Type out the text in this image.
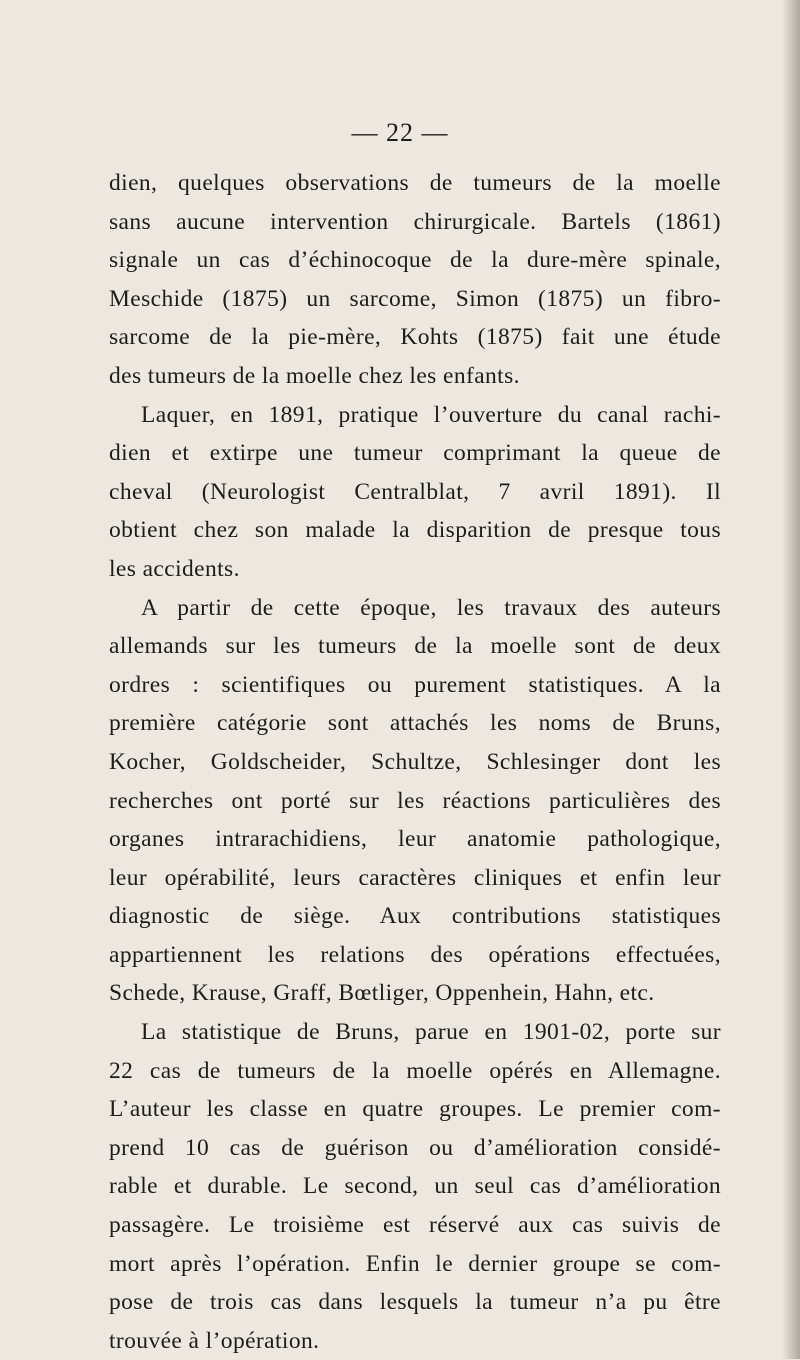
— 22 —
dien, quelques observations de tumeurs de la moelle
sans aucune intervention chirurgicale. Bartels (1861)
signale un cas d’échinocoque de la dure-mère spinale,
Meschide (1875) un sarcome, Simon (1875) un fibro-
sarcome de la pie-mère, Kohts (1875) fait une étude
des tumeurs de la moelle chez les enfants.
Laquer, en 1891, pratique l’ouverture du canal rachi-
dien et extirpe une tumeur comprimant la queue de
cheval (Neurologist Centralblat, 7 avril 1891). Il
obtient chez son malade la disparition de presque tous
les accidents.
A partir de cette époque, les travaux des auteurs
allemands sur les tumeurs de la moelle sont de deux
ordres : scientifiques ou purement statistiques. A la
première catégorie sont attachés les noms de Bruns,
Kocher, Goldscheider, Schultze, Schlesinger dont les
recherches ont porté sur les réactions particulières des
organes intrarachidiens, leur anatomie pathologique,
leur opérabilité, leurs caractères cliniques et enfin leur
diagnostic de siège. Aux contributions statistiques
appartiennent les relations des opérations effectuées,
Schede, Krause, Graff, Bœtliger, Oppenhein, Hahn, etc.
La statistique de Bruns, parue en 1901-02, porte sur
22 cas de tumeurs de la moelle opérés en Allemagne.
L’auteur les classe en quatre groupes. Le premier com-
prend 10 cas de guérison ou d’amélioration considé-
rable et durable. Le second, un seul cas d’amélioration
passagère. Le troisième est réservé aux cas suivis de
mort après l’opération. Enfin le dernier groupe se com-
pose de trois cas dans lesquels la tumeur n’a pu être
trouvée à l’opération.
